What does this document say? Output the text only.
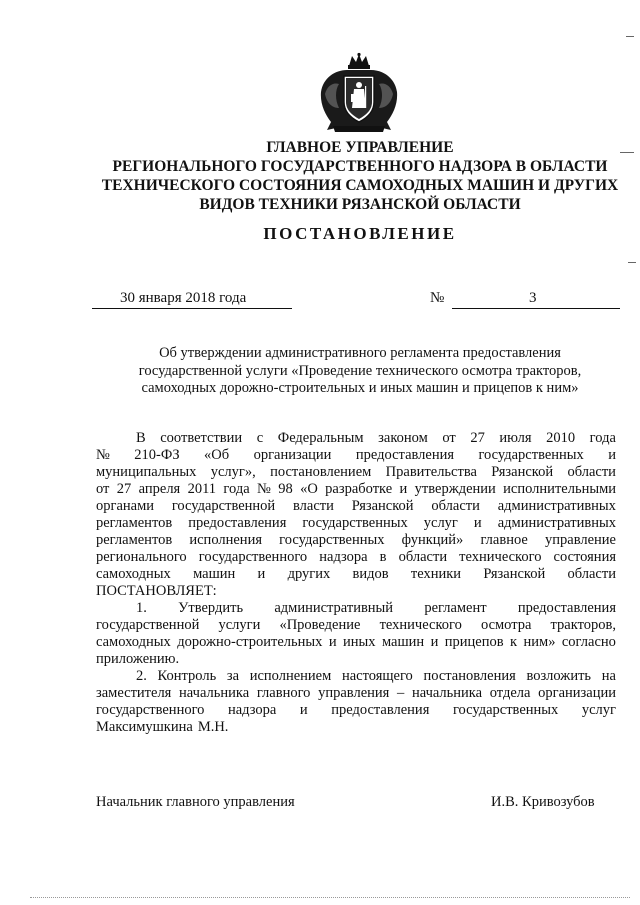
ГЛАВНОЕ УПРАВЛЕНИЕ
РЕГИОНАЛЬНОГО ГОСУДАРСТВЕННОГО НАДЗОРА В ОБЛАСТИ
ТЕХНИЧЕСКОГО СОСТОЯНИЯ САМОХОДНЫХ МАШИН И ДРУГИХ
ВИДОВ ТЕХНИКИ РЯЗАНСКОЙ ОБЛАСТИ
ПОСТАНОВЛЕНИЕ
30 января 2018 года	№	3
Об утверждении административного регламента предоставления
государственной услуги «Проведение технического осмотра тракторов,
самоходных дорожно-строительных и иных машин и прицепов к ним»
В соответствии с Федеральным законом от 27 июля 2010 года
№ 210-ФЗ «Об организации предоставления государственных и
муниципальных услуг», постановлением Правительства Рязанской области
от 27 апреля 2011 года № 98 «О разработке и утверждении исполнительными
органами государственной власти Рязанской области административных
регламентов предоставления государственных услуг и административных
регламентов исполнения государственных функций» главное управление
регионального государственного надзора в области технического состояния
самоходных машин и других видов техники Рязанской области
ПОСТАНОВЛЯЕТ:
1. Утвердить административный регламент предоставления
государственной услуги «Проведение технического осмотра тракторов,
самоходных дорожно-строительных и иных машин и прицепов к ним» согласно
приложению.
2. Контроль за исполнением настоящего постановления возложить на
заместителя начальника главного управления – начальника отдела организации
государственного надзора и предоставления государственных услуг
Максимушкина М.Н.
Начальник главного управления	И.В. Кривозубов
